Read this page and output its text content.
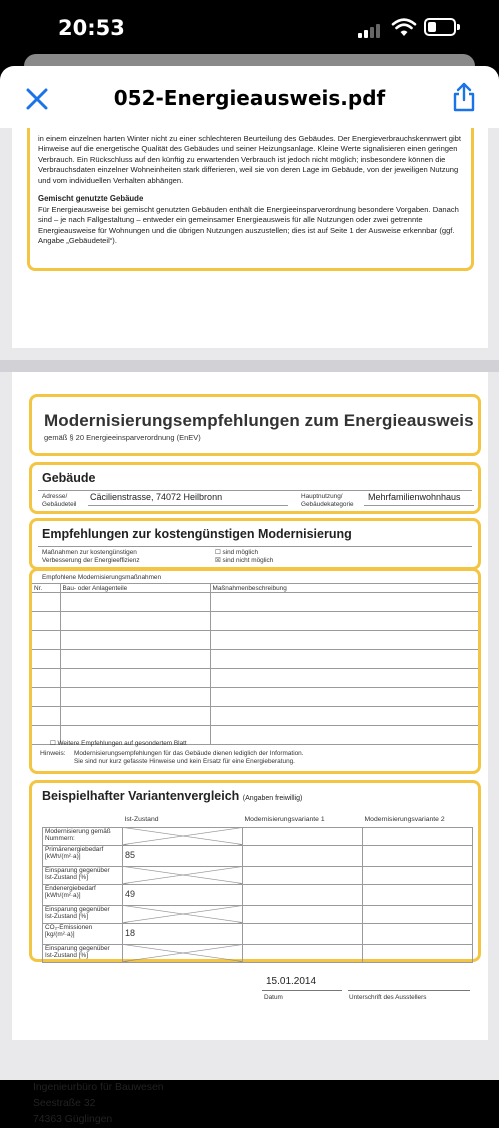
20:53
052-Energieausweis.pdf

in einem einzelnen harten Winter nicht zu einer schlechteren Beurteilung des Gebäudes. Der Energieverbrauchskennwert gibt Hinweise auf die energetische Qualität des Gebäudes und seiner Heizungsanlage. Kleine Werte signalisieren einen geringen Verbrauch. Ein Rückschluss auf den künftig zu erwartenden Verbrauch ist jedoch nicht möglich; insbesondere können die Verbrauchsdaten einzelner Wohneinheiten stark differieren, weil sie von deren Lage im Gebäude, von der jeweiligen Nutzung und vom individuellen Verhalten abhängen.

Gemischt genutzte Gebäude

Für Energieausweise bei gemischt genutzten Gebäuden enthält die Energieeinsparverordnung besondere Vorgaben. Danach sind – je nach Fallgestaltung – entweder ein gemeinsamer Energieausweis für alle Nutzungen oder zwei getrennte Energieausweise für Wohnungen und die übrigen Nutzungen auszustellen; dies ist auf Seite 1 der Ausweise erkennbar (ggf. Angabe „Gebäudeteil“).

Modernisierungsempfehlungen zum Energieausweis
gemäß § 20 Energieeinsparverordnung (EnEV)
Gebäude
Adresse/
Gebäudeteil
Cäcilienstrasse, 74072 Heilbronn	Hauptnutzung/
Gebäudekategorie
Mehrfamilienwohnhaus
Empfehlungen zur kostengünstigen Modernisierung
Maßnahmen zur kostengünstigen
Verbesserung der Energieeffizienz
☐ sind möglich
☒ sind nicht möglich
Empfohlene Modernisierungsmaßnahmen
Nr.	Bau- oder Anlagenteile	Maßnahmenbeschreibung

☐ Weitere Empfehlungen auf gesondertem Blatt
Hinweis: Modernisierungsempfehlungen für das Gebäude dienen lediglich der Information.
Sie sind nur kurz gefasste Hinweise und kein Ersatz für eine Energieberatung.
Beispielhafter Variantenvergleich (Angaben freiwillig)
	Ist-Zustand	Modernisierungsvariante 1	Modernisierungsvariante 2

Modernisierung gemäß
Nummern:			

Primärenergiebedarf
[kWh/(m²·a)]	85		

Einsparung gegenüber
Ist-Zustand [%]			

Endenergiebedarf
[kWh/(m²·a)]	49		

Einsparung gegenüber
Ist-Zustand [%]			

CO₂-Emissionen
[kg/(m²·a)]	18		

Einsparung gegenüber
Ist-Zustand [%]			

Ingenieurbüro für Bauwesen
Seestraße 32
74363 Güglingen
15.01.2014
Datum	Unterschrift des Ausstellers
